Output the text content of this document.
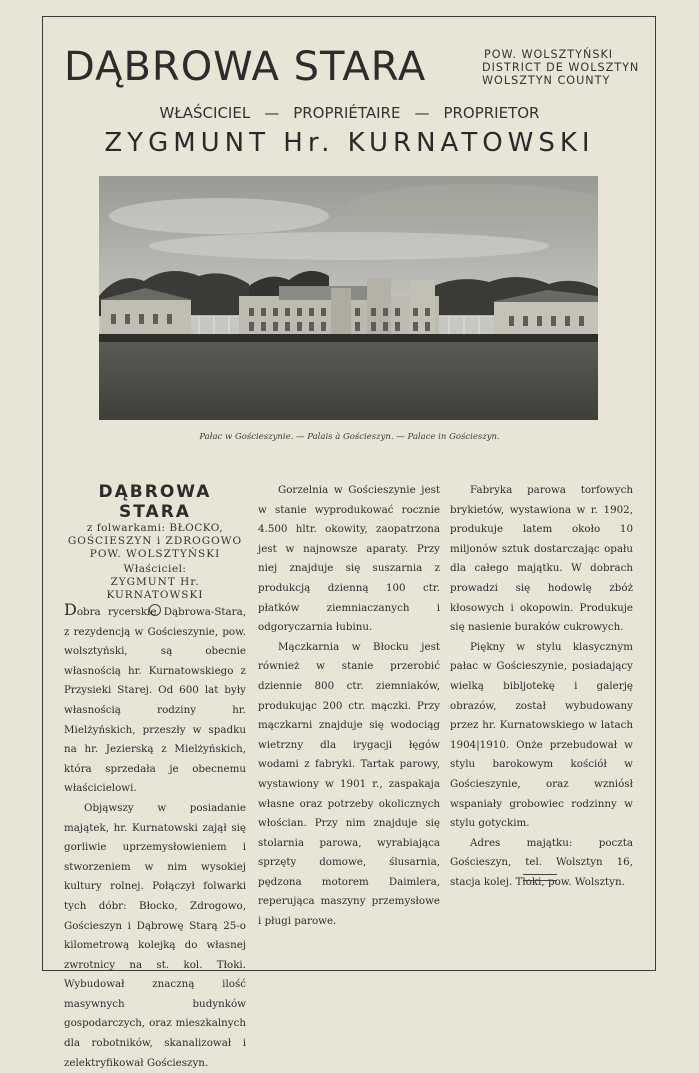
DĄBROWA STARA	POW. WOLSZTYŃSKI
DISTRICT DE WOLSZTYN
WOLSZTYN COUNTY
WŁAŚCICIEL — PROPRIÉTAIRE — PROPRIETOR
ZYGMUNT Hr. KURNATOWSKI
Pałac w Gościeszynie. — Palais à Gościeszyn. — Palace in Gościeszyn.
DĄBROWA STARA
z folwarkami: BŁOCKO,
GOŚCIESZYN i ZDROGOWO
POW. WOLSZTYŃSKI
Właściciel:
ZYGMUNT Hr. KURNATOWSKI

Dobra rycerskie Dąbrowa-Stara, z rezydencją w Gościeszynie, pow. wolsztyński, są obecnie własnością hr. Kurnatowskiego z Przysieki Starej. Od 600 lat były własnością rodziny hr. Mielżyńskich, przeszły w spadku na hr. Jezierską z Mielżyńskich, która sprzedała je obecnemu właścicielowi.

Objąwszy w posiadanie majątek, hr. Kurnatowski zajął się gorliwie uprzemysłowieniem i stworzeniem w nim wysokiej kultury rolnej. Połączył folwarki tych dóbr: Błocko, Zdrogowo, Gościeszyn i Dąbrowę Starą 25-o kilometrową kolejką do własnej zwrotnicy na st. kol. Tłoki. Wybudował znaczną ilość masywnych budynków gospodarczych, oraz mieszkalnych dla robotników, skanalizował i zelektryfikował Gościeszyn.

Gorzelnia w Gościeszynie jest w stanie wyprodukować rocznie 4.500 hltr. okowity, zaopatrzona jest w najnowsze aparaty. Przy niej znajduje się suszarnia z produkcją dzienną 100 ctr. płatków ziemniaczanych i odgoryczarnia łubinu.

Mączkarnia w Błocku jest również w stanie przerobić dziennie 800 ctr. ziemniaków, produkując 200 ctr. mączki. Przy mączkarni znajduje się wodociąg wietrzny dla irygacji łęgów wodami z fabryki. Tartak parowy, wystawiony w 1901 r., zaspakaja własne oraz potrzeby okolicznych włościan. Przy nim znajduje się stolarnia parowa, wyrabiająca sprzęty domowe, ślusarnia, pędzona motorem Daimlera, reperująca maszyny przemysłowe i pługi parowe.

Fabryka parowa torfowych brykietów, wystawiona w r. 1902, produkuje latem około 10 miljonów sztuk dostarczając opału dla całego majątku. W dobrach prowadzi się hodowlę zbóż kłosowych i okopowin. Produkuje się nasienie buraków cukrowych.

Piękny w stylu klasycznym pałac w Gościeszynie, posiadający wielką bibljotekę i galerję obrazów, został wybudowany przez hr. Kurnatowskiego w latach 1904|1910. Onże przebudował w stylu barokowym kościół w Gościeszynie, oraz wzniósł wspaniały grobowiec rodzinny w stylu gotyckim.

Adres majątku: poczta Gościeszyn, tel. Wolsztyn 16, stacja kolej. Tłoki, pow. Wolsztyn.
